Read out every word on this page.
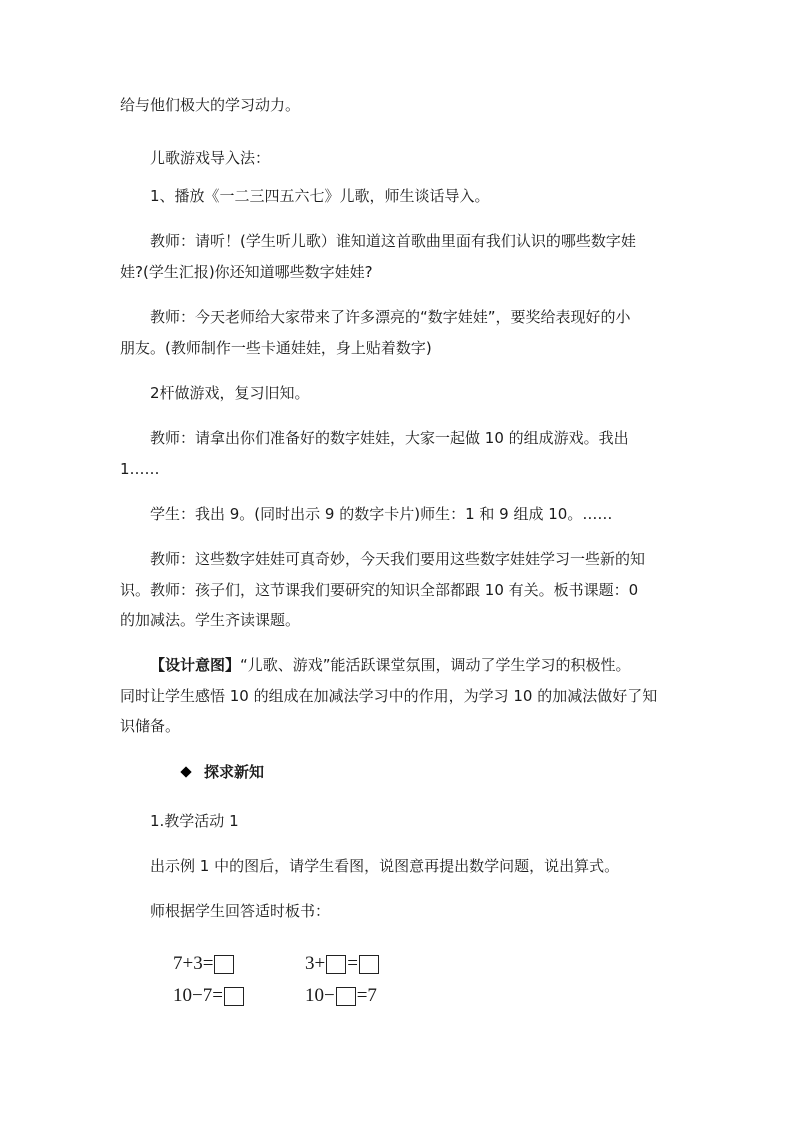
给与他们极大的学习动力。
儿歌游戏导入法：
1、播放《一二三四五六七》儿歌，师生谈话导入。
教师：请听！(学生听儿歌）谁知道这首歌曲里面有我们认识的哪些数字娃
娃?(学生汇报)你还知道哪些数字娃娃?
教师：今天老师给大家带来了许多漂亮的“数字娃娃”，要奖给表现好的小
朋友。(教师制作一些卡通娃娃，身上贴着数字)
2杆做游戏，复习旧知。
教师：请拿出你们准备好的数字娃娃，大家一起做 10 的组成游戏。我出
1……
学生：我出 9。(同时出示 9 的数字卡片)师生：1 和 9 组成 10。……
教师：这些数字娃娃可真奇妙，今天我们要用这些数字娃娃学习一些新的知
识。教师：孩子们，这节课我们要研究的知识全部都跟 10 有关。板书课题：0
的加减法。学生齐读课题。
【设计意图】“儿歌、游戏”能活跃课堂氛围，调动了学生学习的积极性。
同时让学生感悟 10 的组成在加减法学习中的作用，为学习 10 的加减法做好了知
识储备。
探求新知
1.教学活动 1
出示例 1 中的图后，请学生看图，说图意再提出数学问题，说出算式。
师根据学生回答适时板书：
7+3=	3+ =
10−7=	10− =7
